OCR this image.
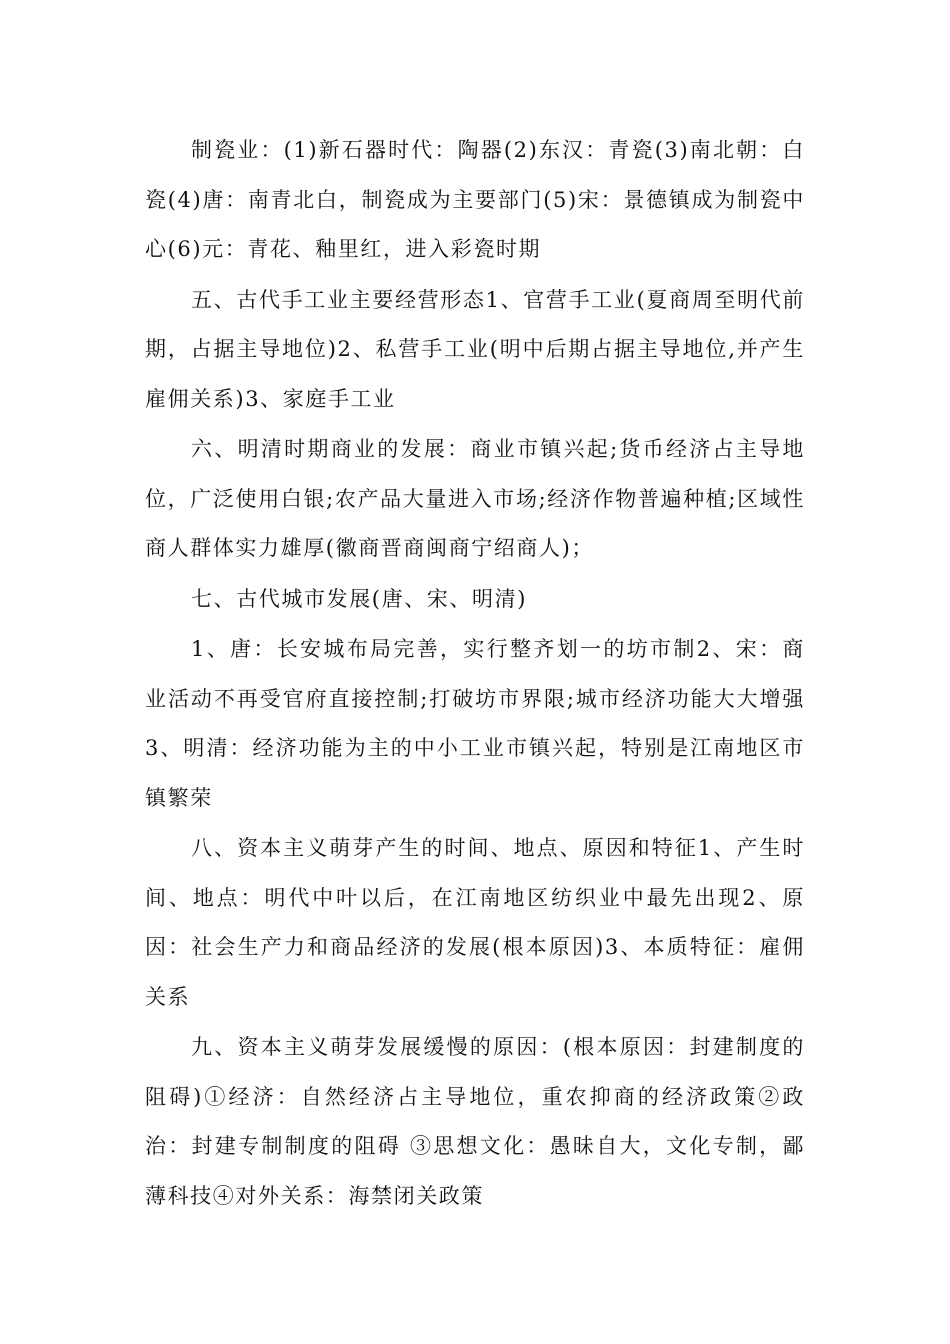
制瓷业：(1)新石器时代：陶器(2)东汉：青瓷(3)南北朝：白瓷(4)唐：南青北白，制瓷成为主要部门(5)宋：景德镇成为制瓷中心(6)元：青花、釉里红，进入彩瓷时期

五、古代手工业主要经营形态1、官营手工业(夏商周至明代前期，占据主导地位)2、私营手工业(明中后期占据主导地位,并产生雇佣关系)3、家庭手工业

六、明清时期商业的发展：商业市镇兴起;货币经济占主导地位，广泛使用白银;农产品大量进入市场;经济作物普遍种植;区域性商人群体实力雄厚(徽商晋商闽商宁绍商人)；

七、古代城市发展(唐、宋、明清)

1、唐：长安城布局完善，实行整齐划一的坊市制2、宋：商业活动不再受官府直接控制;打破坊市界限;城市经济功能大大增强3、明清：经济功能为主的中小工业市镇兴起，特别是江南地区市镇繁荣

八、资本主义萌芽产生的时间、地点、原因和特征1、产生时间、地点：明代中叶以后，在江南地区纺织业中最先出现2、原因：社会生产力和商品经济的发展(根本原因)3、本质特征：雇佣关系

九、资本主义萌芽发展缓慢的原因：(根本原因：封建制度的阻碍)①经济：自然经济占主导地位，重农抑商的经济政策②政治：封建专制制度的阻碍 ③思想文化：愚昧自大，文化专制，鄙薄科技④对外关系：海禁闭关政策
